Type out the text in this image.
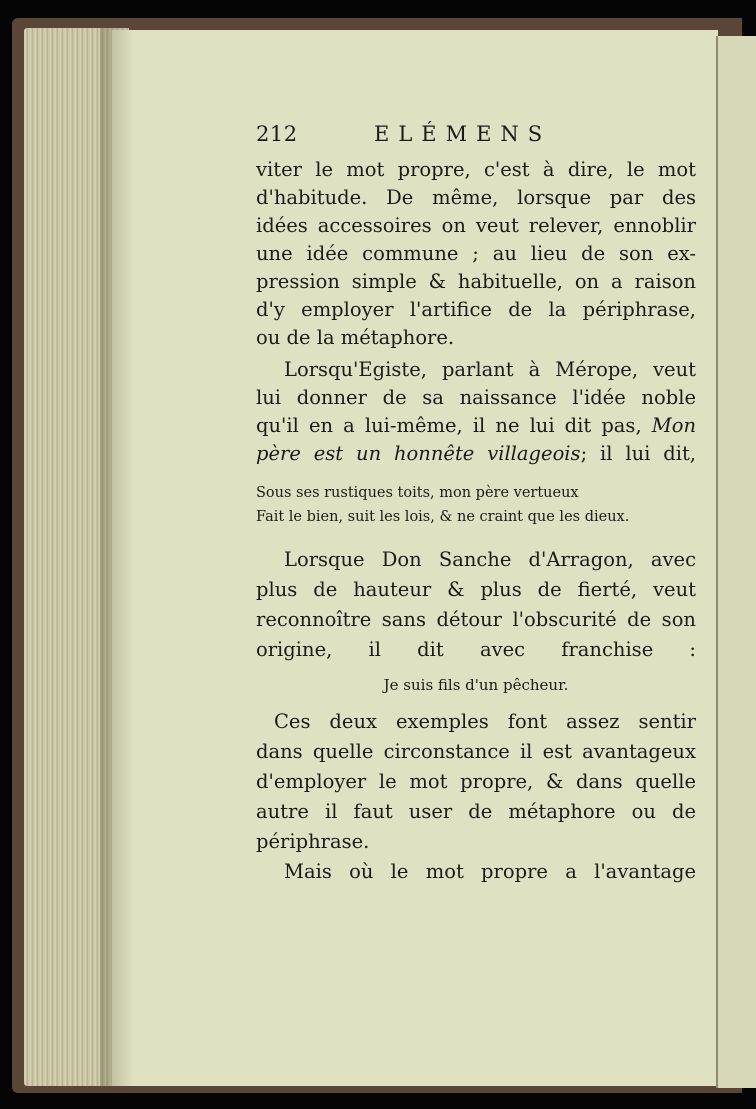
212	ELÉMENS
viter le mot propre, c'est à dire, le mot
d'habitude. De même, lorsque par des
idées accessoires on veut relever, ennoblir
une idée commune ; au lieu de son ex-
pression simple & habituelle, on a raison
d'y employer l'artifice de la périphrase,
ou de la métaphore.
Lorsqu'Egiste, parlant à Mérope, veut
lui donner de sa naissance l'idée noble
qu'il en a lui-même, il ne lui dit pas, Mon
père est un honnête villageois; il lui dit,
Sous ses rustiques toits, mon père vertueux
Fait le bien, suit les lois, & ne craint que les dieux.
Lorsque Don Sanche d'Arragon, avec
plus de hauteur & plus de fierté, veut
reconnoître sans détour l'obscurité de son
origine, il dit avec franchise :
Je suis fils d'un pêcheur.
Ces deux exemples font assez sentir
dans quelle circonstance il est avantageux
d'employer le mot propre, & dans quelle
autre il faut user de métaphore ou de
périphrase.
Mais où le mot propre a l'avantage
